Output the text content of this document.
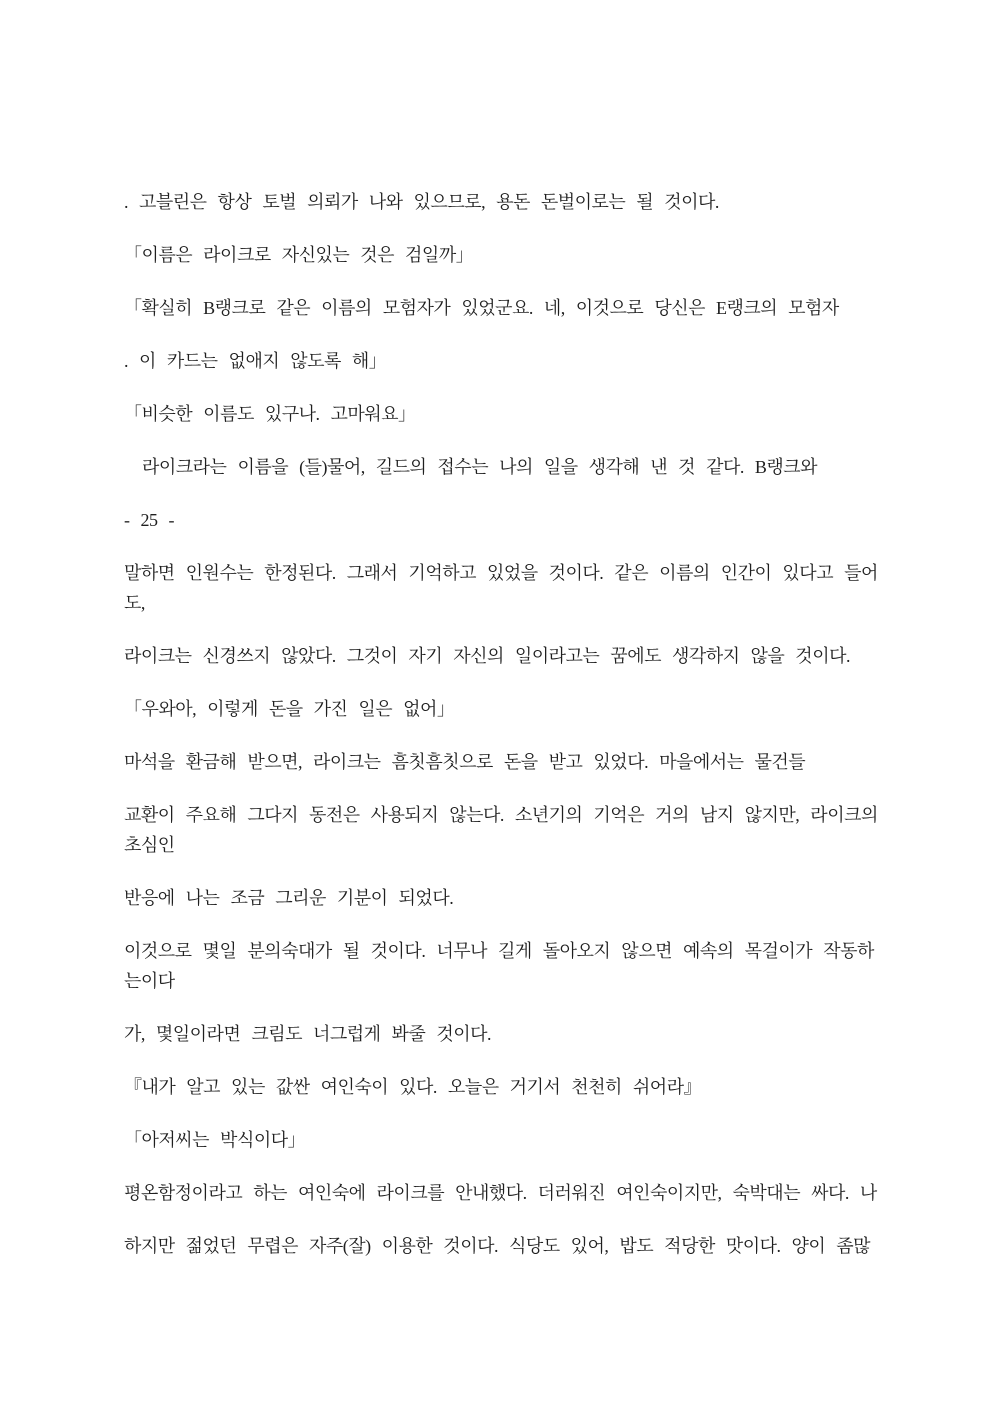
. 고블린은 항상 토벌 의뢰가 나와 있으므로, 용돈 돈벌이로는 될 것이다.

「이름은 라이크로 자신있는 것은 검일까」

「확실히 B랭크로 같은 이름의 모험자가 있었군요. 네, 이것으로 당신은 E랭크의 모험자

. 이 카드는 없애지 않도록 해」

「비슷한 이름도 있구나. 고마워요」

라이크라는 이름을 (들)물어, 길드의 접수는 나의 일을 생각해 낸 것 같다. B랭크와

- 25 -

말하면 인원수는 한정된다. 그래서 기억하고 있었을 것이다. 같은 이름의 인간이 있다고 들어

도,

라이크는 신경쓰지 않았다. 그것이 자기 자신의 일이라고는 꿈에도 생각하지 않을 것이다.

「우와아, 이렇게 돈을 가진 일은 없어」

마석을 환금해 받으면, 라이크는 흠칫흠칫으로 돈을 받고 있었다. 마을에서는 물건들

교환이 주요해 그다지 동전은 사용되지 않는다. 소년기의 기억은 거의 남지 않지만, 라이크의

초심인

반응에 나는 조금 그리운 기분이 되었다.

이것으로 몇일 분의숙대가 될 것이다. 너무나 길게 돌아오지 않으면 예속의 목걸이가 작동하

는이다

가, 몇일이라면 크림도 너그럽게 봐줄 것이다.

『내가 알고 있는 값싼 여인숙이 있다. 오늘은 거기서 천천히 쉬어라』

「아저씨는 박식이다」

평온함정이라고 하는 여인숙에 라이크를 안내했다. 더러워진 여인숙이지만, 숙박대는 싸다. 나

하지만 젊었던 무렵은 자주(잘) 이용한 것이다. 식당도 있어, 밥도 적당한 맛이다. 양이 좀많
